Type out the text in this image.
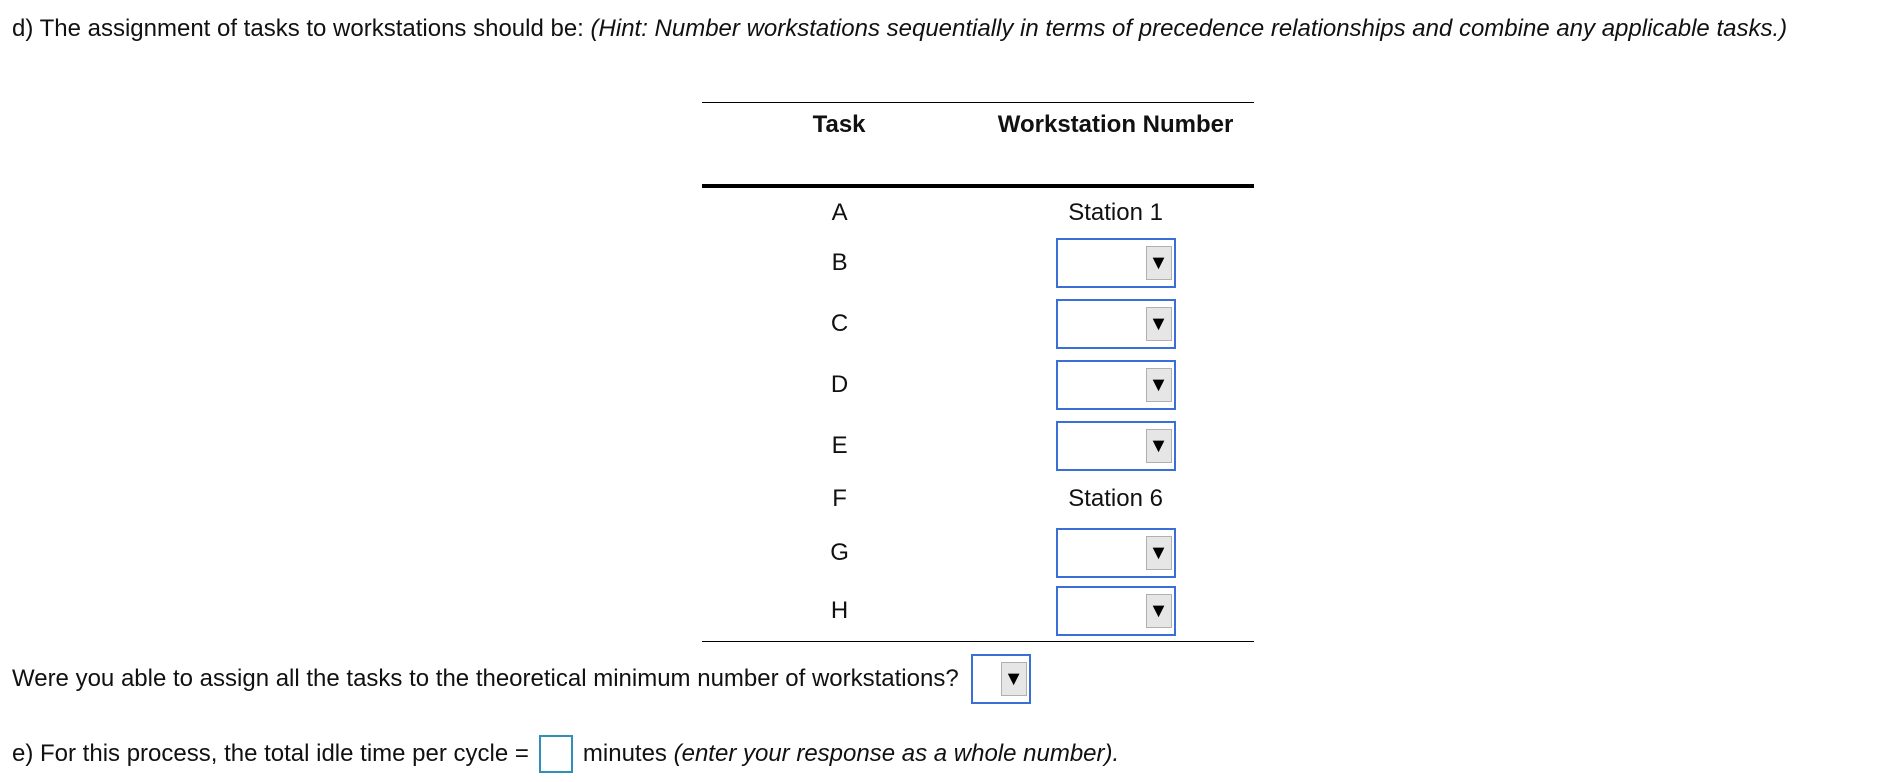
d) The assignment of tasks to workstations should be: (Hint: Number workstations sequentially in terms of precedence relationships and combine any applicable tasks.)
Task	Workstation Number
A	Station 1
B	▼

C	▼

D	▼

E	▼

F	Station 6
G	▼

H	▼
Were you able to assign all the tasks to the theoretical minimum number of workstations? ▼
e) For this process, the total idle time per cycle = minutes
(enter your response as a whole number).
